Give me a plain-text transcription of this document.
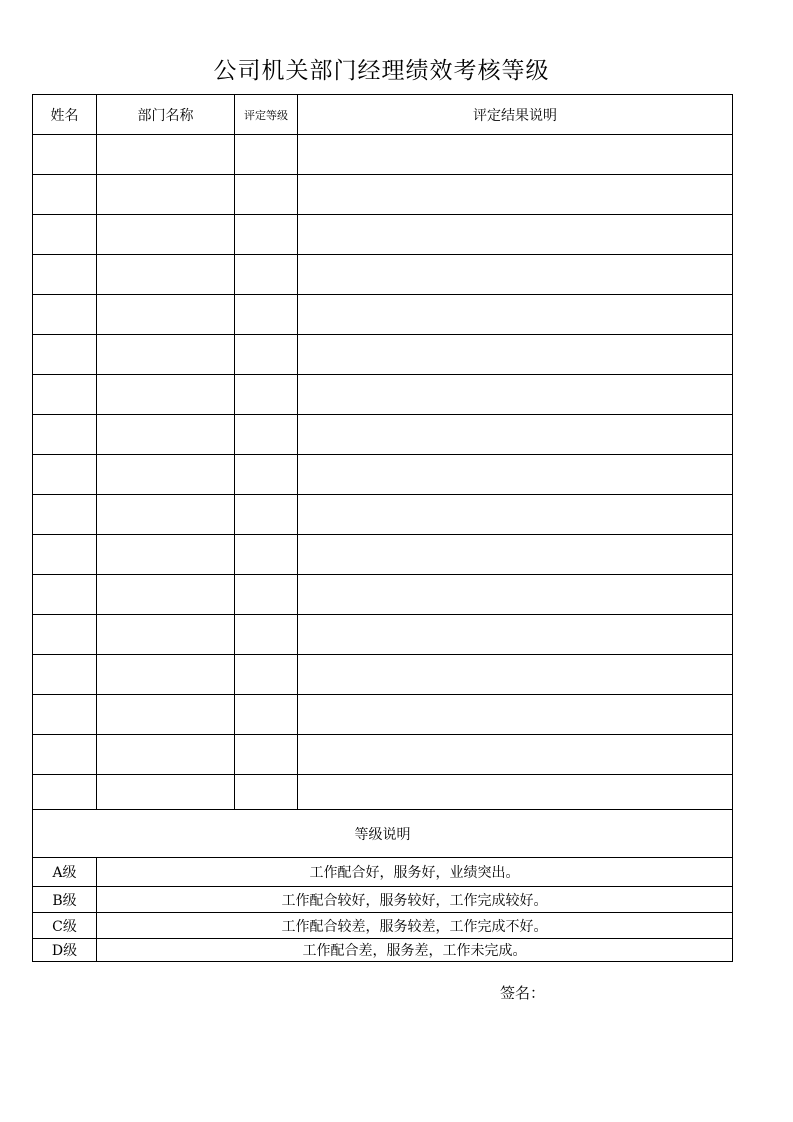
公司机关部门经理绩效考核等级
姓名	部门名称	评定等级	评定结果说明

等级说明			
A级	工作配合好，服务好，业绩突出。		
B级	工作配合较好，服务较好，工作完成较好。		
C级	工作配合较差，服务较差，工作完成不好。		
D级	工作配合差，服务差，工作未完成。		
签名：
